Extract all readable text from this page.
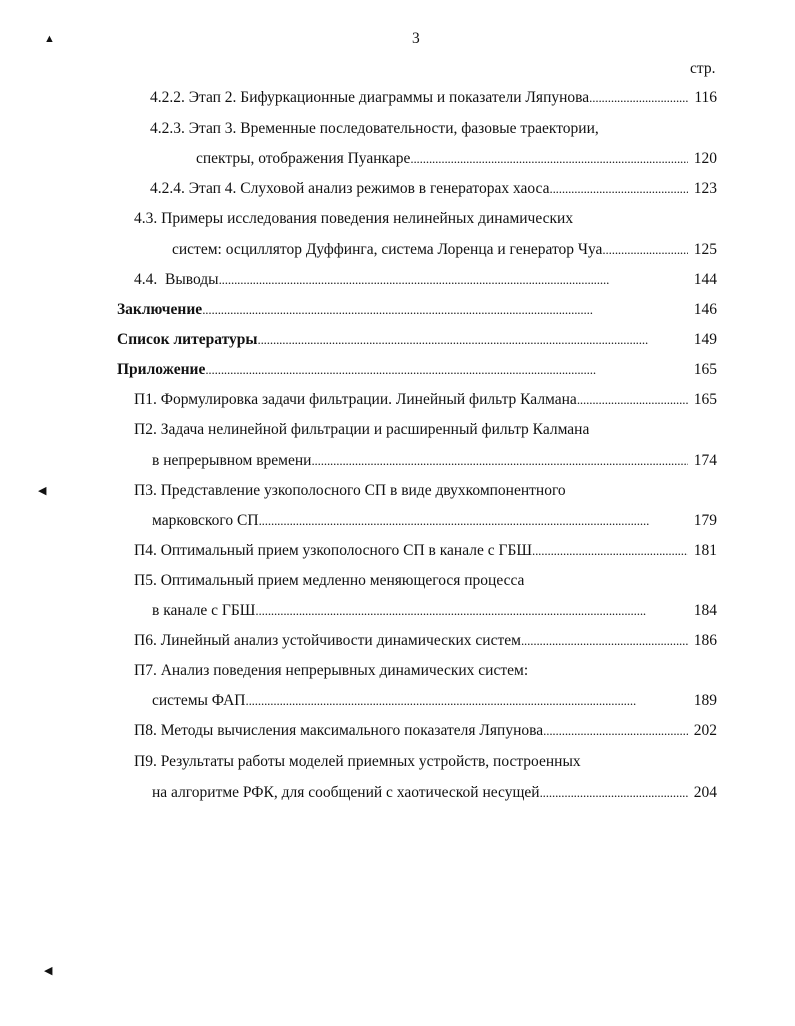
▲
◀
◀
3
стр.
4.2.2. Этап 2. Бифуркационные диаграммы и показатели Ляпунова . . .	116
4.2.3. Этап 3. Временные последовательности, фазовые траектории,
спектры, отображения Пуанкаре . . .	120
4.2.4. Этап 4. Слуховой анализ режимов в генераторах хаоса . . .	123
4.3. Примеры исследования поведения нелинейных динамических
систем: осциллятор Дуффинга, система Лоренца и генератор Чуа . . .	125
4.4.  Выводы . . .	144
Заключение . . .	146
Список литературы . . .	149
Приложение . . .	165
П1. Формулировка задачи фильтрации. Линейный фильтр Калмана . . .	165
П2. Задача нелинейной фильтрации и расширенный фильтр Калмана
в непрерывном времени . . .	174
П3. Представление узкополосного СП в виде двухкомпонентного
марковского СП . . .	179
П4. Оптимальный прием узкополосного СП в канале с ГБШ . . .	181
П5. Оптимальный прием медленно меняющегося процесса
в канале с ГБШ . . .	184
П6. Линейный анализ устойчивости динамических систем . . .	186
П7. Анализ поведения непрерывных динамических систем:
системы ФАП . . .	189
П8. Методы вычисления максимального показателя Ляпунова . . .	202
П9. Результаты работы моделей приемных устройств, построенных
на алгоритме РФК, для сообщений с хаотической несущей . . .	204
